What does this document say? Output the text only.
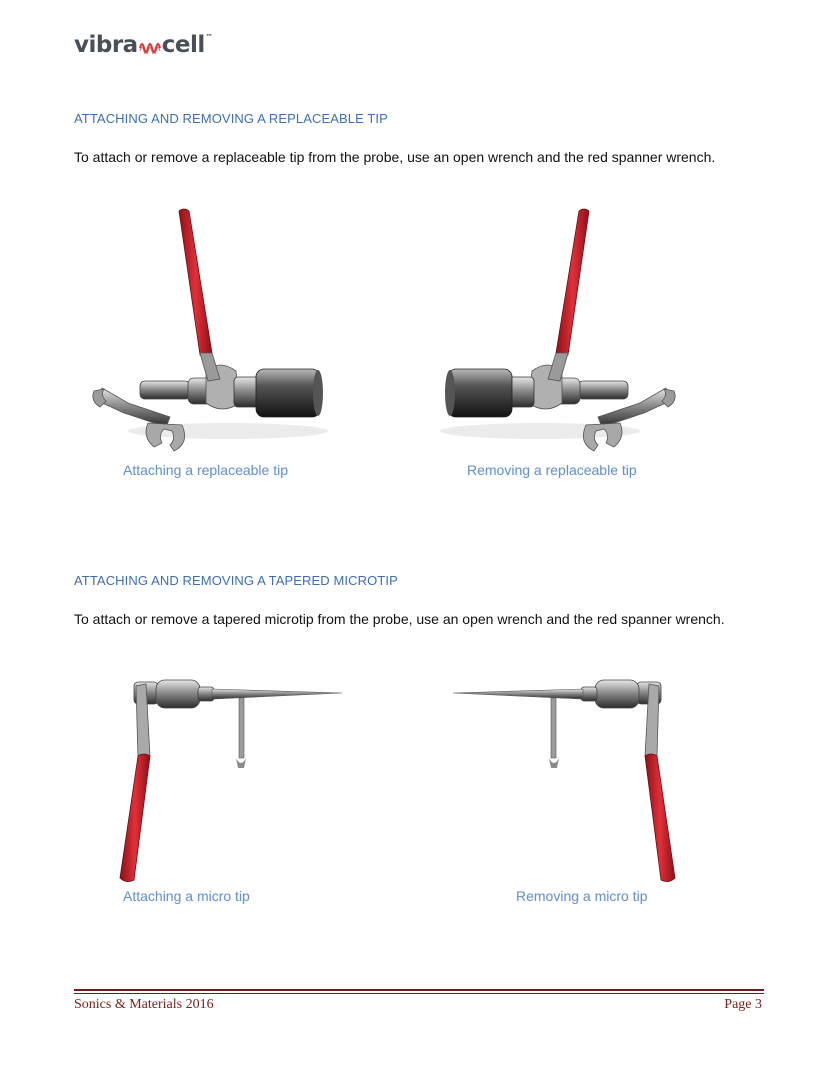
vibra cell ™
ATTACHING AND REMOVING A REPLACEABLE TIP
To attach or remove a replaceable tip from the probe, use an open wrench and the red spanner wrench.
Attaching a replaceable tip	Removing a replaceable tip
ATTACHING AND REMOVING A TAPERED MICROTIP
To attach or remove a tapered microtip from the probe, use an open wrench and the red spanner wrench.
Attaching a micro tip	Removing a micro tip
Sonics & Materials 2016	Page 3
